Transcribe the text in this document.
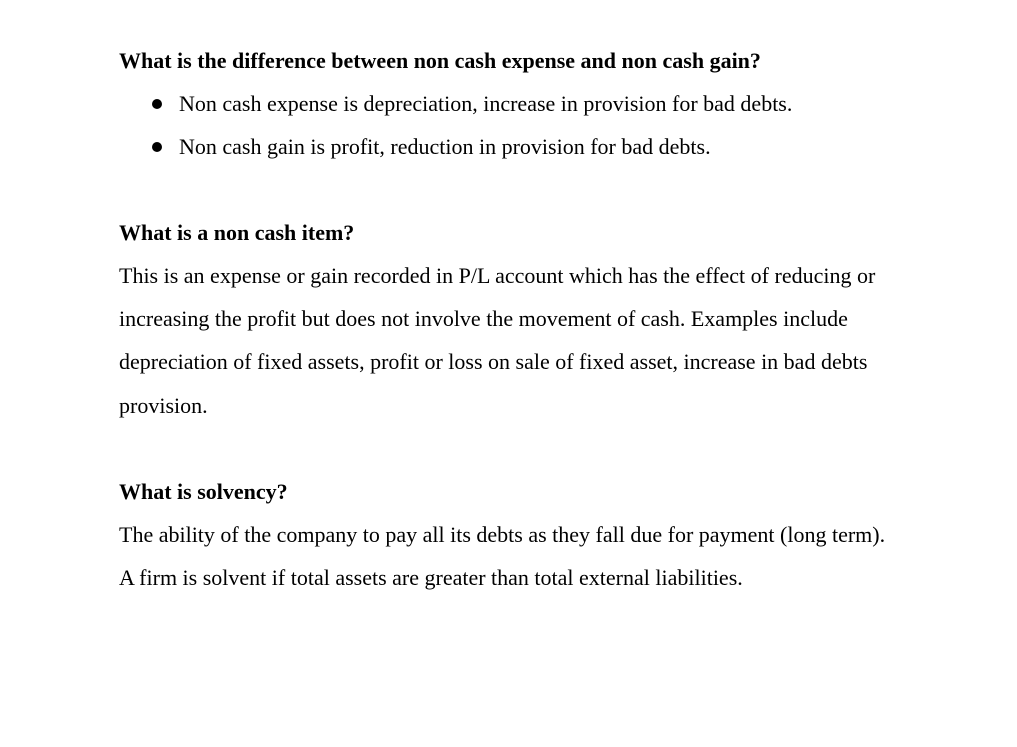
What is the difference between non cash expense and non cash gain?

Non cash expense is depreciation, increase in provision for bad debts.
Non cash gain is profit, reduction in provision for bad debts.

What is a non cash item?

This is an expense or gain recorded in P/L account which has the effect of reducing or increasing the profit but does not involve the movement of cash. Examples include depreciation of fixed assets, profit or loss on sale of fixed asset, increase in bad debts provision.

What is solvency?

The ability of the company to pay all its debts as they fall due for payment (long term). A firm is solvent if total assets are greater than total external liabilities.
